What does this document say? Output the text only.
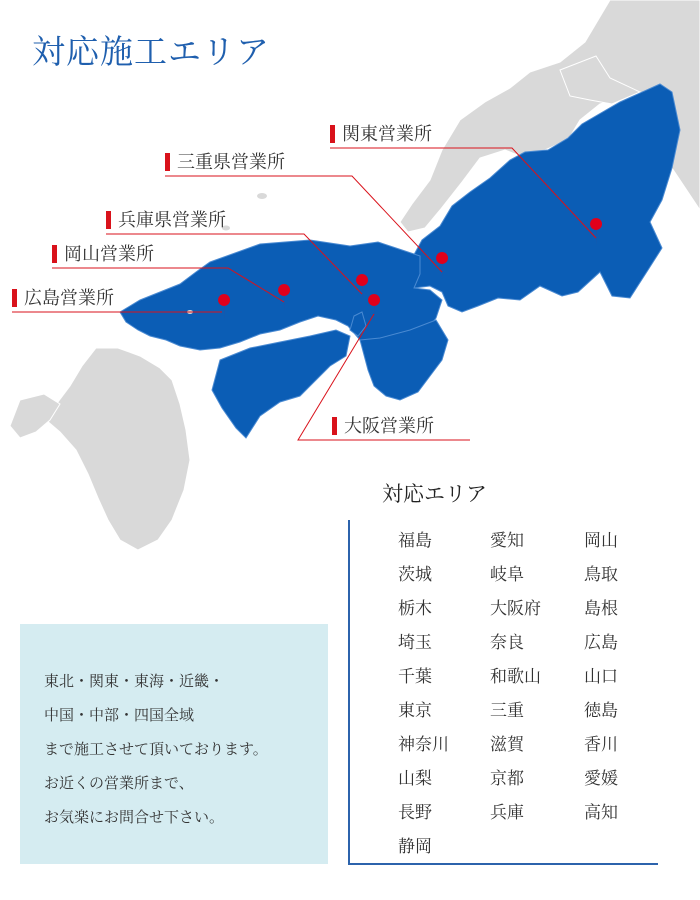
対応施工エリア
関東営業所
三重県営業所
兵庫県営業所
岡山営業所
広島営業所
大阪営業所
対応エリア
福島
茨城
栃木
埼玉
千葉
東京
神奈川
山梨
長野
静岡
愛知
岐阜
大阪府
奈良
和歌山
三重
滋賀
京都
兵庫
岡山
鳥取
島根
広島
山口
徳島
香川
愛媛
高知

東北・関東・東海・近畿・
中国・中部・四国全域
まで施工させて頂いております。
お近くの営業所まで、
お気楽にお問合せ下さい。
